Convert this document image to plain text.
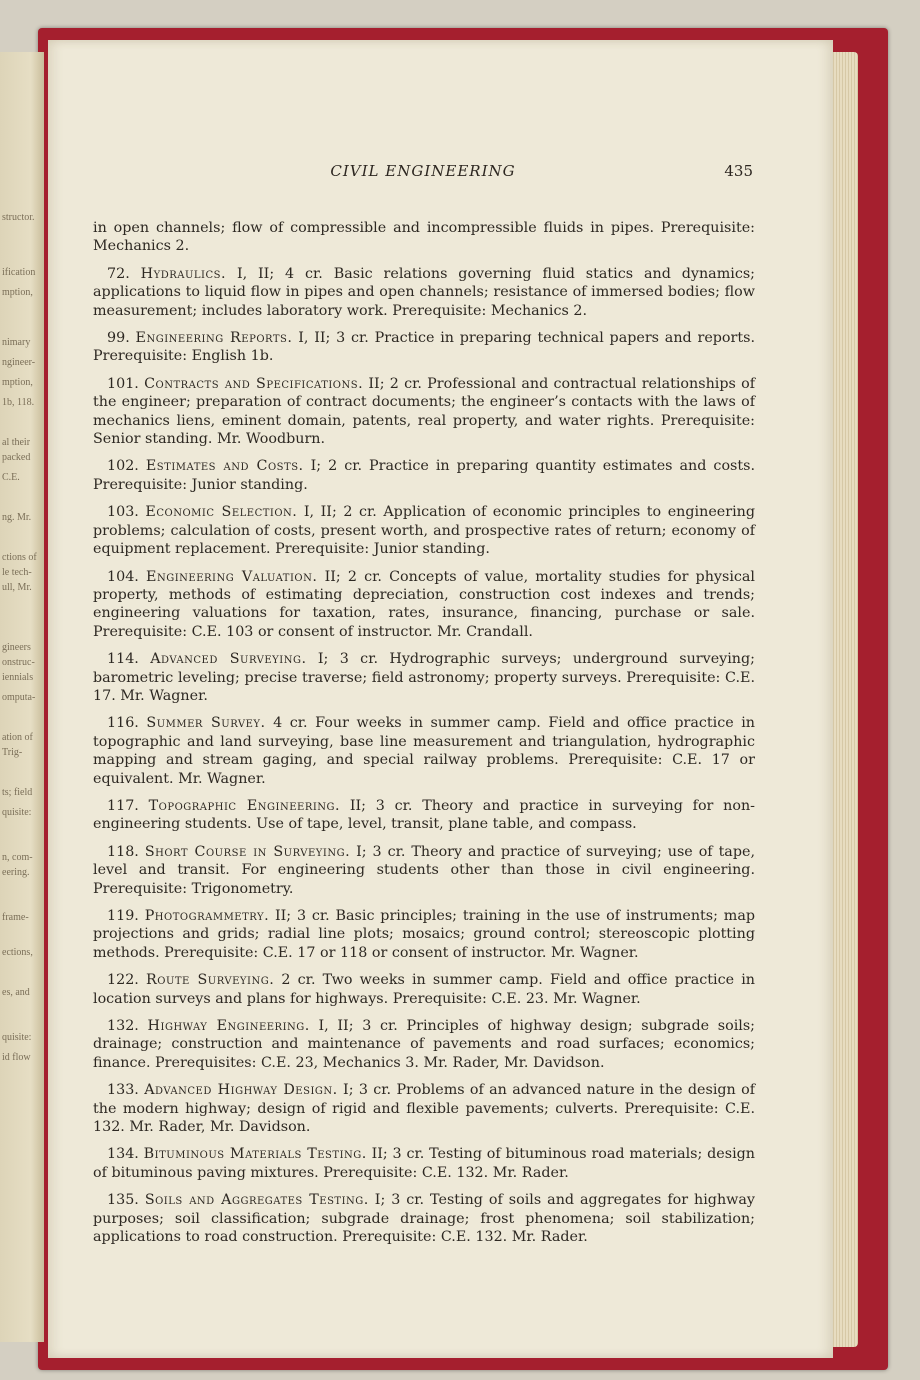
structor.
ification
mption,
nimary
ngineer-
mption,
1b, 118.
al their
packed
C.E.
ng. Mr.
ctions of
le tech-
ull, Mr.
gineers
onstruc-
iennials
omputa-
ation of
Trig-
ts; field
quisite:
n, com-
eering.
frame-
ections,
es, and
quisite:
id flow
CIVIL ENGINEERING	435

in open channels; flow of compressible and incompressible fluids in pipes. Prerequisite: Mechanics 2.

72. Hydraulics. I, II; 4 cr. Basic relations governing fluid statics and dynamics; applications to liquid flow in pipes and open channels; resistance of immersed bodies; flow measurement; includes laboratory work. Prerequisite: Mechanics 2.

99. Engineering Reports. I, II; 3 cr. Practice in preparing technical papers and reports. Prerequisite: English 1b.

101. Contracts and Specifications. II; 2 cr. Professional and contractual relationships of the engineer; preparation of contract documents; the engineer’s contacts with the laws of mechanics liens, eminent domain, patents, real property, and water rights. Prerequisite: Senior standing. Mr. Woodburn.

102. Estimates and Costs. I; 2 cr. Practice in preparing quantity estimates and costs. Prerequisite: Junior standing.

103. Economic Selection. I, II; 2 cr. Application of economic principles to engineering problems; calculation of costs, present worth, and prospective rates of return; economy of equipment replacement. Prerequisite: Junior standing.

104. Engineering Valuation. II; 2 cr. Concepts of value, mortality studies for physical property, methods of estimating depreciation, construction cost indexes and trends; engineering valuations for taxation, rates, insurance, financing, purchase or sale. Prerequisite: C.E. 103 or consent of instructor. Mr. Crandall.

114. Advanced Surveying. I; 3 cr. Hydrographic surveys; underground surveying; barometric leveling; precise traverse; field astronomy; property surveys. Prerequisite: C.E. 17. Mr. Wagner.

116. Summer Survey. 4 cr. Four weeks in summer camp. Field and office practice in topographic and land surveying, base line measurement and triangulation, hydrographic mapping and stream gaging, and special railway problems. Prerequisite: C.E. 17 or equivalent. Mr. Wagner.

117. Topographic Engineering. II; 3 cr. Theory and practice in surveying for non-engineering students. Use of tape, level, transit, plane table, and compass.

118. Short Course in Surveying. I; 3 cr. Theory and practice of surveying; use of tape, level and transit. For engineering students other than those in civil engineering. Prerequisite: Trigonometry.

119. Photogrammetry. II; 3 cr. Basic principles; training in the use of instruments; map projections and grids; radial line plots; mosaics; ground control; stereoscopic plotting methods. Prerequisite: C.E. 17 or 118 or consent of instructor. Mr. Wagner.

122. Route Surveying. 2 cr. Two weeks in summer camp. Field and office practice in location surveys and plans for highways. Prerequisite: C.E. 23. Mr. Wagner.

132. Highway Engineering. I, II; 3 cr. Principles of highway design; subgrade soils; drainage; construction and maintenance of pavements and road surfaces; economics; finance. Prerequisites: C.E. 23, Mechanics 3. Mr. Rader, Mr. Davidson.

133. Advanced Highway Design. I; 3 cr. Problems of an advanced nature in the design of the modern highway; design of rigid and flexible pavements; culverts. Prerequisite: C.E. 132. Mr. Rader, Mr. Davidson.

134. Bituminous Materials Testing. II; 3 cr. Testing of bituminous road materials; design of bituminous paving mixtures. Prerequisite: C.E. 132. Mr. Rader.

135. Soils and Aggregates Testing. I; 3 cr. Testing of soils and aggregates for highway purposes; soil classification; subgrade drainage; frost phenomena; soil stabilization; applications to road construction. Prerequisite: C.E. 132. Mr. Rader.
